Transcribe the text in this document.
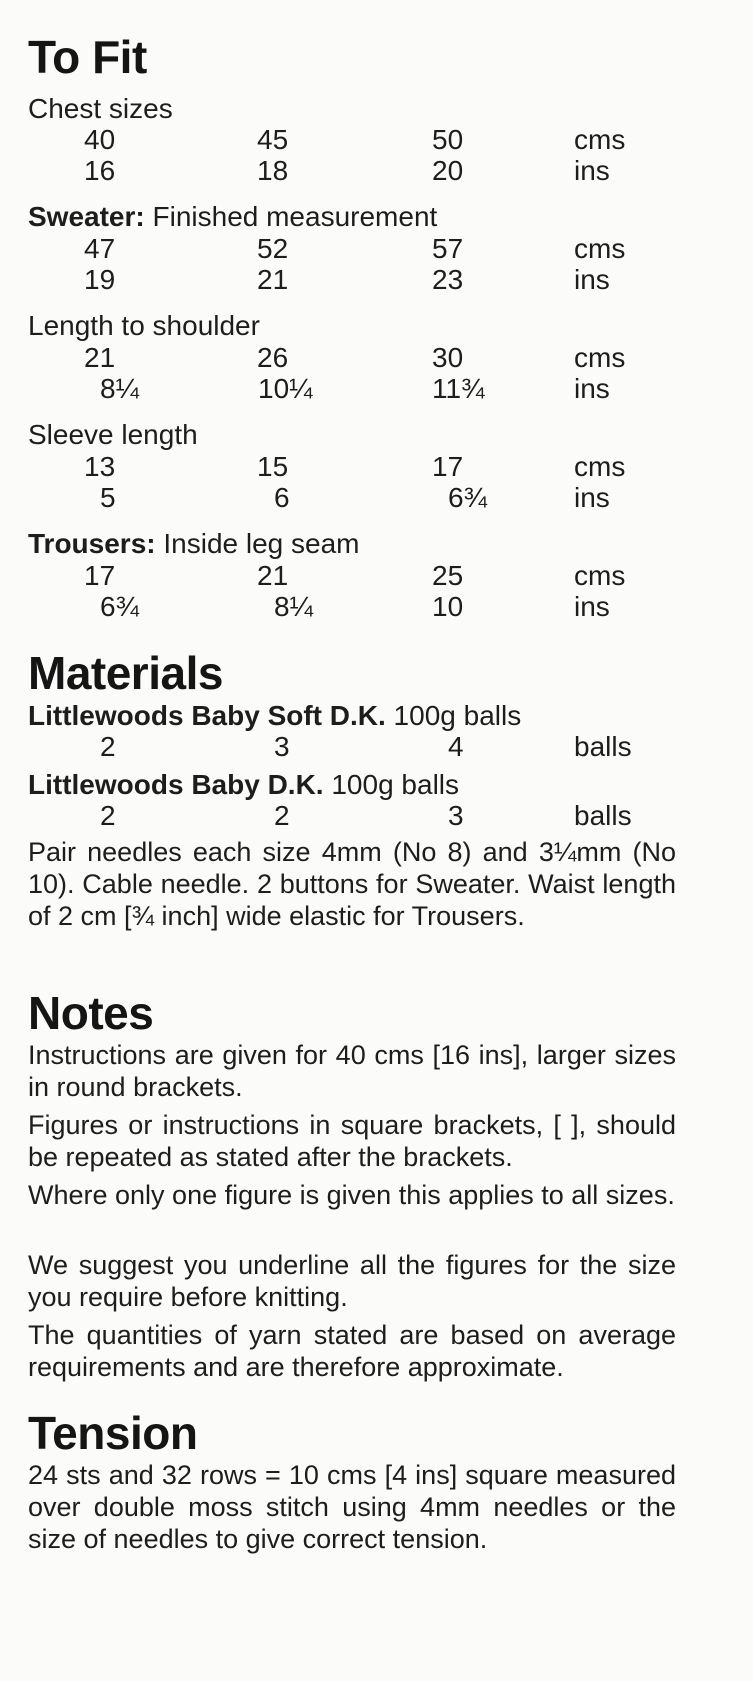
To Fit

Chest sizes

40	45	50	cms
16	18	20	ins

Sweater: Finished measurement

47	52	57	cms
19	21	23	ins

Length to shoulder

21	26	30	cms
8¼	10¼	11¾	ins

Sleeve length

13	15	17	cms
5	6	6¾	ins

Trousers: Inside leg seam

17	21	25	cms
6¾	8¼	10	ins
Materials

Littlewoods Baby Soft D.K. 100g balls

2	3	4	balls

Littlewoods Baby D.K. 100g balls

2	2	3	balls

Pair needles each size 4mm (No 8) and 3¼mm (No 10). Cable needle. 2 buttons for Sweater. Waist length of 2 cm [¾ inch] wide elastic for Trousers.

Notes

Instructions are given for 40 cms [16 ins], larger sizes in round brackets.

Figures or instructions in square brackets, [ ], should be repeated as stated after the brackets.

Where only one figure is given this applies to all sizes.

We suggest you underline all the figures for the size you require before knitting.

The quantities of yarn stated are based on average requirements and are therefore approximate.

Tension

24 sts and 32 rows = 10 cms [4 ins] square measured over double moss stitch using 4mm needles or the size of needles to give correct tension.
